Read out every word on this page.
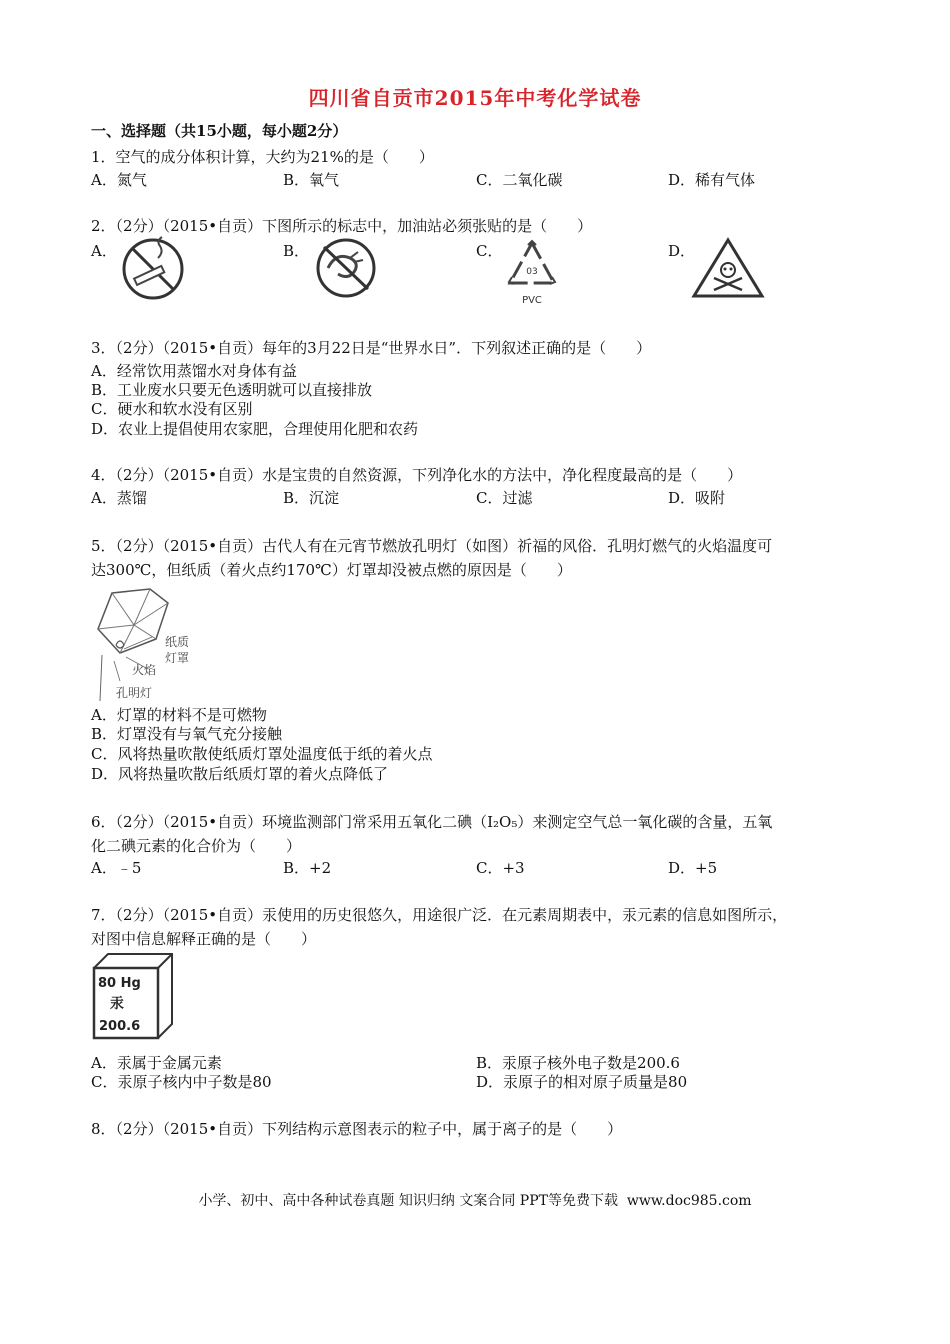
四川省自贡市2015年中考化学试卷
一、选择题（共15小题，每小题2分）
1．空气的成分体积计算，大约为21%的是（　　）
A．氮气	B．氧气	C．二氧化碳	D．稀有气体
2．（2分）（2015•自贡）下图所示的标志中，加油站必须张贴的是（　　）
A．	B．	C．	D．
03
PVC
3．（2分）（2015•自贡）每年的3月22日是“世界水日”．下列叙述正确的是（　　）
A．经常饮用蒸馏水对身体有益
B．工业废水只要无色透明就可以直接排放
C．硬水和软水没有区别
D．农业上提倡使用农家肥，合理使用化肥和农药
4．（2分）（2015•自贡）水是宝贵的自然资源，下列净化水的方法中，净化程度最高的是（　　）
A．蒸馏	B．沉淀	C．过滤	D．吸附
5．（2分）（2015•自贡）古代人有在元宵节燃放孔明灯（如图）祈福的风俗．孔明灯燃气的火焰温度可
达300℃，但纸质（着火点约170℃）灯罩却没被点燃的原因是（　　）
纸质
灯罩
火焰
孔明灯
A．灯罩的材料不是可燃物
B．灯罩没有与氧气充分接触
C．风将热量吹散使纸质灯罩处温度低于纸的着火点
D．风将热量吹散后纸质灯罩的着火点降低了
6．（2分）（2015•自贡）环境监测部门常采用五氧化二碘（I₂O₅）来测定空气总一氧化碳的含量，五氧
化二碘元素的化合价为（　　）
A．﹣5	B．+2	C．+3	D．+5
7．（2分）（2015•自贡）汞使用的历史很悠久，用途很广泛．在元素周期表中，汞元素的信息如图所示，
对图中信息解释正确的是（　　）
80 Hg
汞
200.6
A．汞属于金属元素	B．汞原子核外电子数是200.6
C．汞原子核内中子数是80	D．汞原子的相对原子质量是80
8．（2分）（2015•自贡）下列结构示意图表示的粒子中，属于离子的是（　　）
小学、初中、高中各种试卷真题 知识归纳 文案合同 PPT等免费下载 www.doc985.com
